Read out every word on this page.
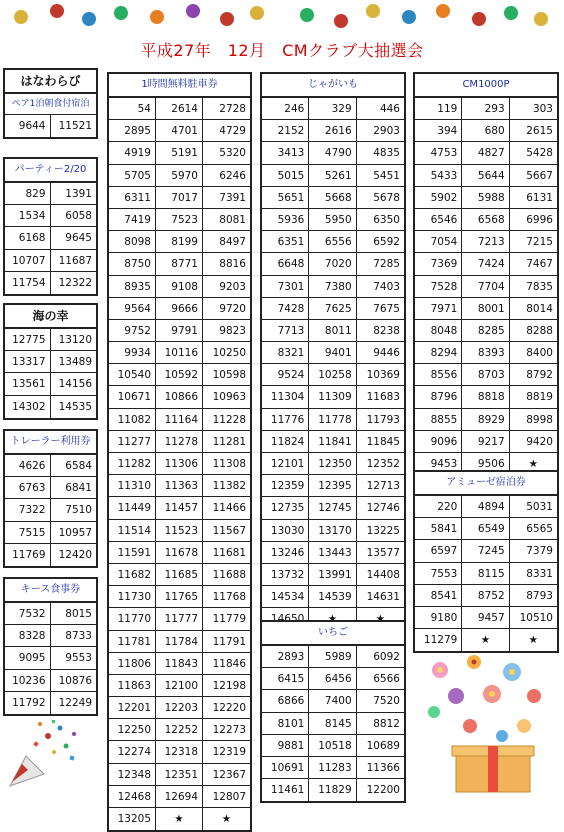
平成27年　12月　CMクラブ大抽選会
はなわらび
ペア1泊朝食付宿泊
9644	11521
パーティー2/20
829	1391
1534	6058
6168	9645
10707	11687
11754	12322
海の幸
12775	13120
13317	13489
13561	14156
14302	14535
トレーラー利用券
4626	6584
6763	6841
7322	7510
7515	10957
11769	12420
キース食事券
7532	8015
8328	8733
9095	9553
10236	10876
11792	12249
1時間無料駐車券
54	2614	2728
2895	4701	4729
4919	5191	5320
5705	5970	6246
6311	7017	7391
7419	7523	8081
8098	8199	8497
8750	8771	8816
8935	9108	9203
9564	9666	9720
9752	9791	9823
9934	10116	10250
10540	10592	10598
10671	10866	10963
11082	11164	11228
11277	11278	11281
11282	11306	11308
11310	11363	11382
11449	11457	11466
11514	11523	11567
11591	11678	11681
11682	11685	11688
11730	11765	11768
11770	11777	11779
11781	11784	11791
11806	11843	11846
11863	12100	12198
12201	12203	12220
12250	12252	12273
12274	12318	12319
12348	12351	12367
12468	12694	12807
13205	★	★
じゃがいも
246	329	446
2152	2616	2903
3413	4790	4835
5015	5261	5451
5651	5668	5678
5936	5950	6350
6351	6556	6592
6648	7020	7285
7301	7380	7403
7428	7625	7675
7713	8011	8238
8321	9401	9446
9524	10258	10369
11304	11309	11683
11776	11778	11793
11824	11841	11845
12101	12350	12352
12359	12395	12713
12735	12745	12746
13030	13170	13225
13246	13443	13577
13732	13991	14408
14534	14539	14631
いちご
2893	5989	6092
6415	6456	6566
6866	7400	7520
8101	8145	8812
9881	10518	10689
10691	11283	11366
11461	11829	12200
CM1000P
119	293	303
394	680	2615
4753	4827	5428
5433	5644	5667
5902	5988	6131
6546	6568	6996
7054	7213	7215
7369	7424	7467
7528	7704	7835
7971	8001	8014
8048	8285	8288
8294	8393	8400
8556	8703	8792
8796	8818	8819
8855	8929	8998
9096	9217	9420
9453	9506	★
アミューゼ宿泊券
220	4894	5031
5841	6549	6565
6597	7245	7379
7553	8115	8331
8541	8752	8793
9180	9457	10510
11279	★	★
